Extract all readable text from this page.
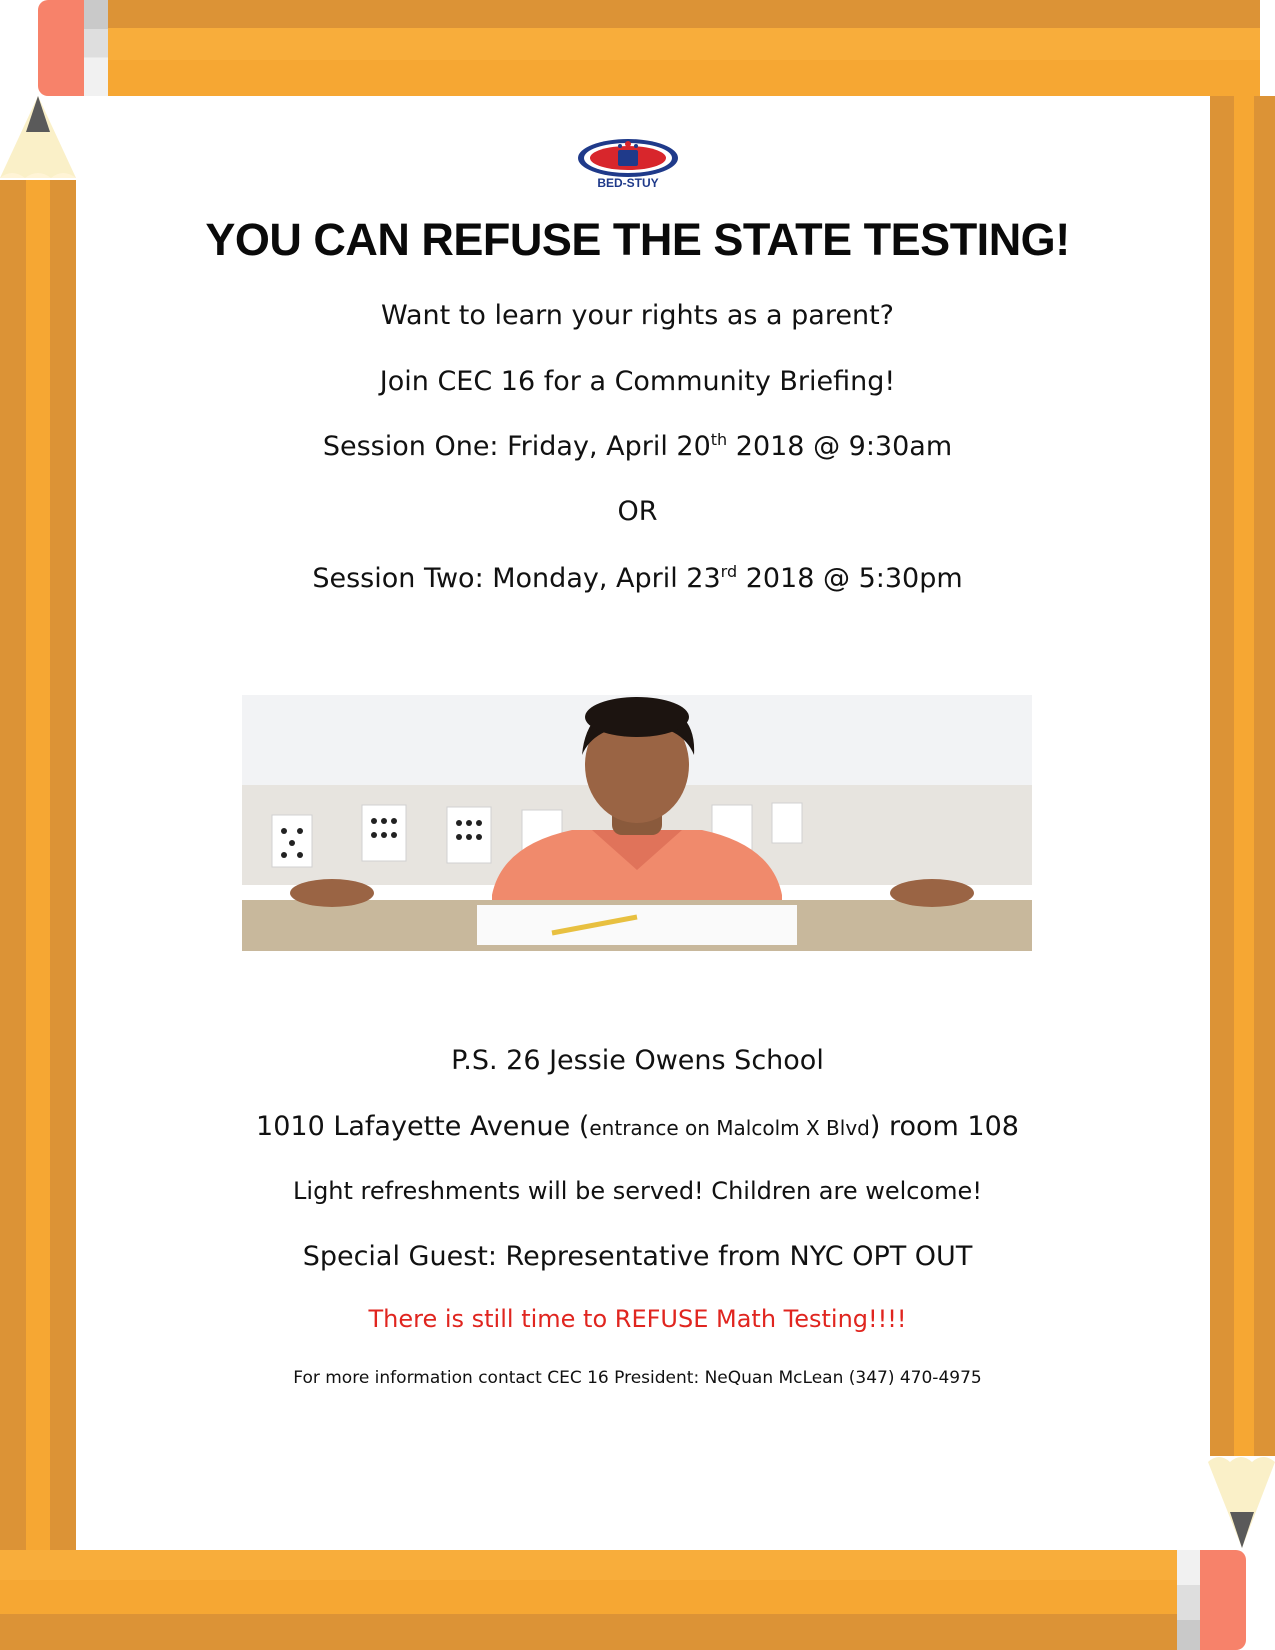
BED-STUY
YOU CAN REFUSE THE STATE TESTING!
Want to learn your rights as a parent?
Join CEC 16 for a Community Briefing!
Session One: Friday, April 20th 2018 @ 9:30am
OR
Session Two: Monday, April 23rd 2018 @ 5:30pm
P.S. 26 Jessie Owens School
1010 Lafayette Avenue (entrance on Malcolm X Blvd) room 108
Light refreshments will be served! Children are welcome!
Special Guest: Representative from NYC OPT OUT
There is still time to REFUSE Math Testing!!!!
For more information contact CEC 16 President: NeQuan McLean (347) 470-4975
